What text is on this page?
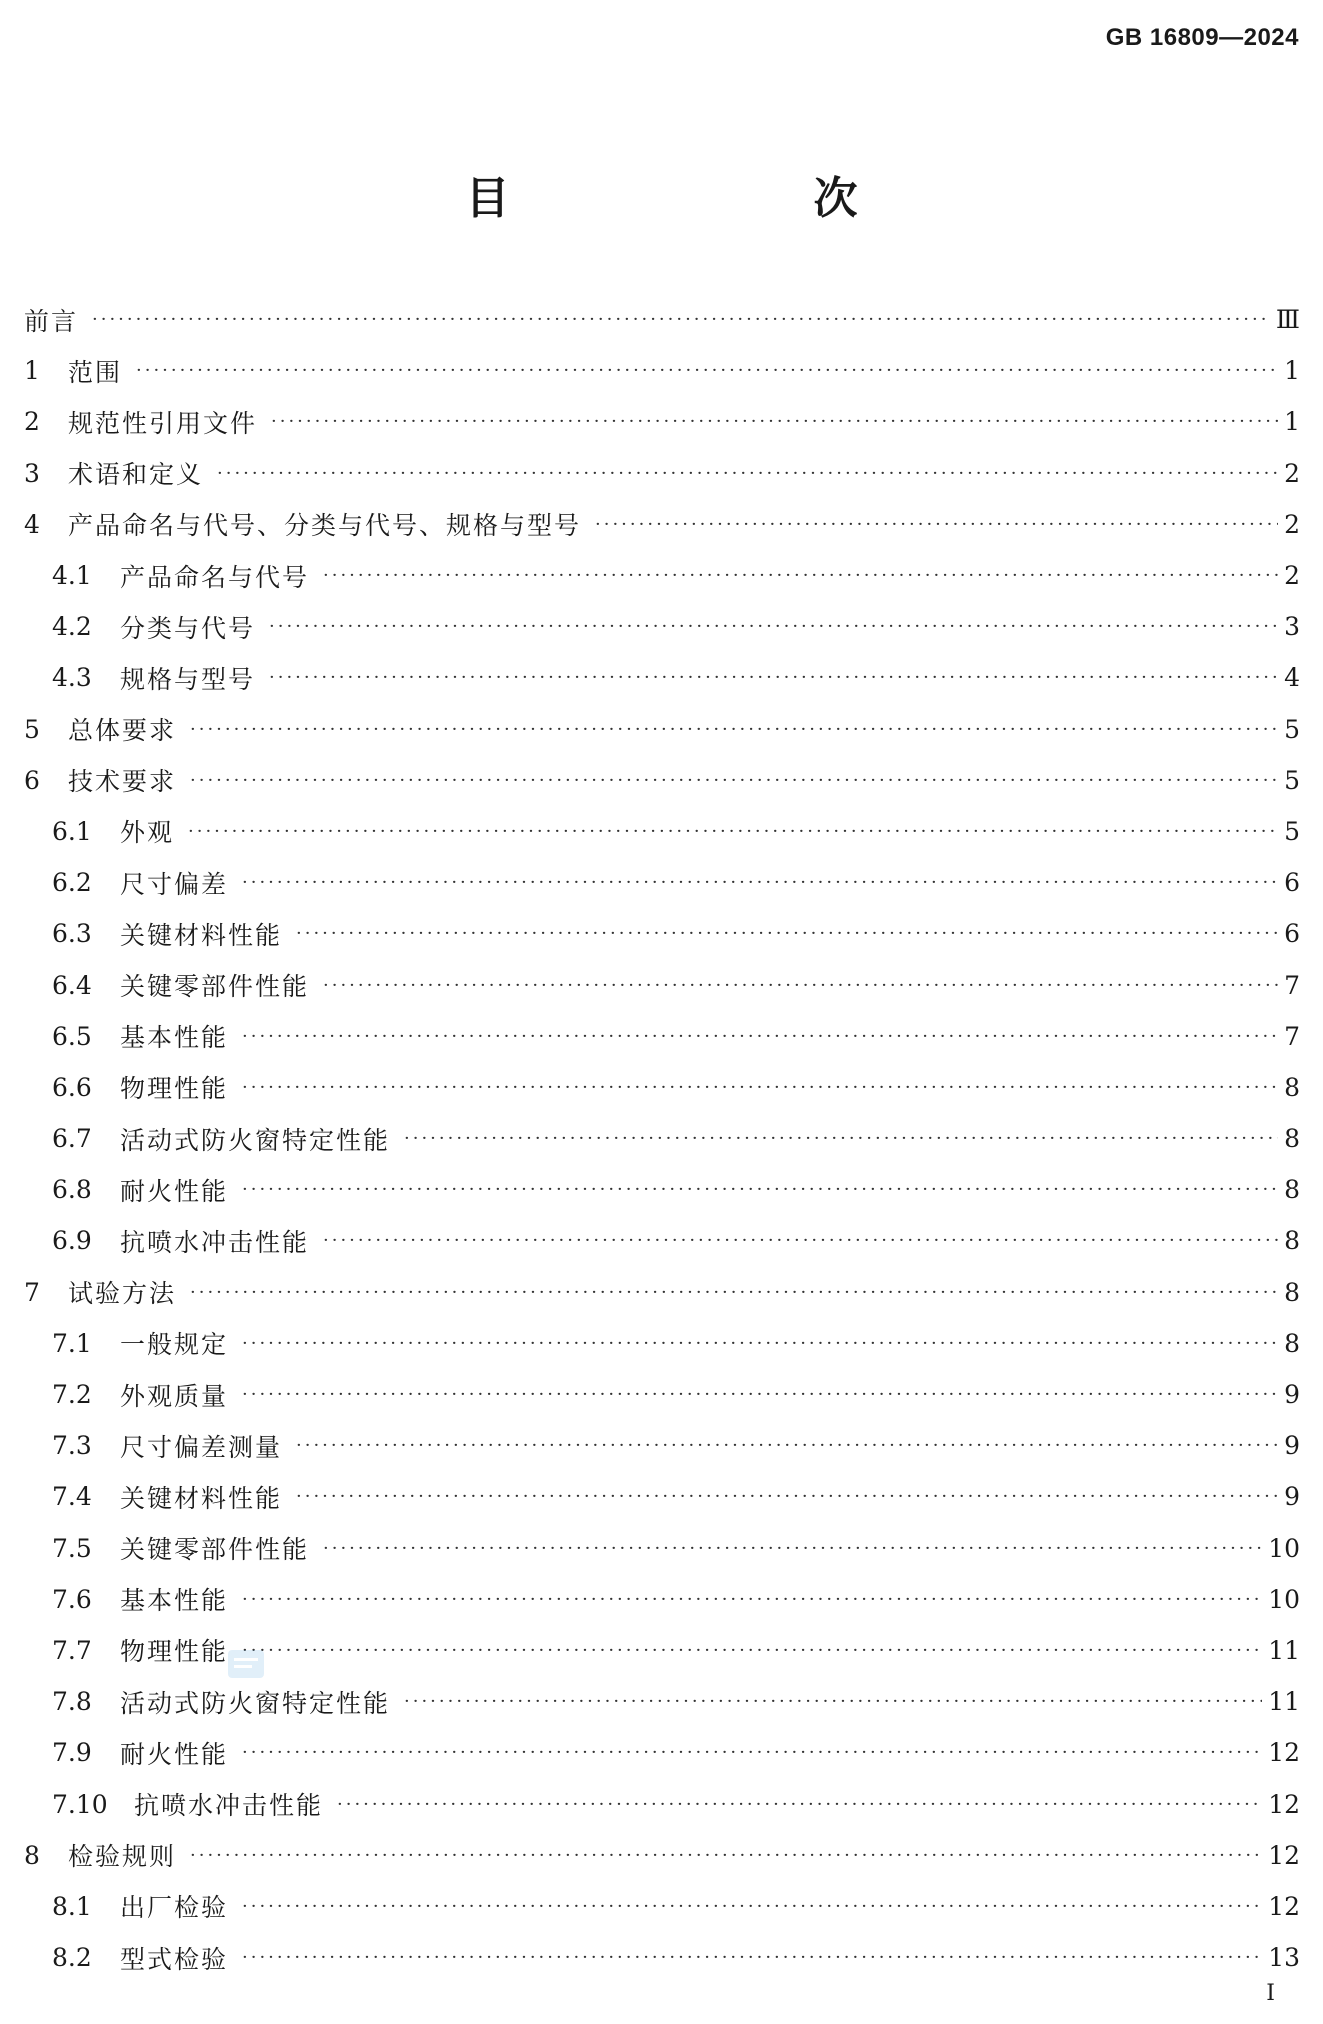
GB 16809—2024
目　　次
前言 ·····	Ⅲ
1	范围 ·····	1
2	规范性引用文件 ·····	1
3	术语和定义 ·····	2
4	产品命名与代号、分类与代号、规格与型号 ·····	2
4.1	产品命名与代号 ·····	2
4.2	分类与代号 ·····	3
4.3	规格与型号 ·····	4
5	总体要求 ·····	5
6	技术要求 ·····	5
6.1	外观 ·····	5
6.2	尺寸偏差 ·····	6
6.3	关键材料性能 ·····	6
6.4	关键零部件性能 ·····	7
6.5	基本性能 ·····	7
6.6	物理性能 ·····	8
6.7	活动式防火窗特定性能 ·····	8
6.8	耐火性能 ·····	8
6.9	抗喷水冲击性能 ·····	8
7	试验方法 ·····	8
7.1	一般规定 ·····	8
7.2	外观质量 ·····	9
7.3	尺寸偏差测量 ·····	9
7.4	关键材料性能 ·····	9
7.5	关键零部件性能 ·····	10
7.6	基本性能 ·····	10
7.7	物理性能 ·····	11
7.8	活动式防火窗特定性能 ·····	11
7.9	耐火性能 ·····	12
7.10	抗喷水冲击性能 ·····	12
8	检验规则 ·····	12
8.1	出厂检验 ·····	12
8.2	型式检验 ·····	13
Ⅰ
